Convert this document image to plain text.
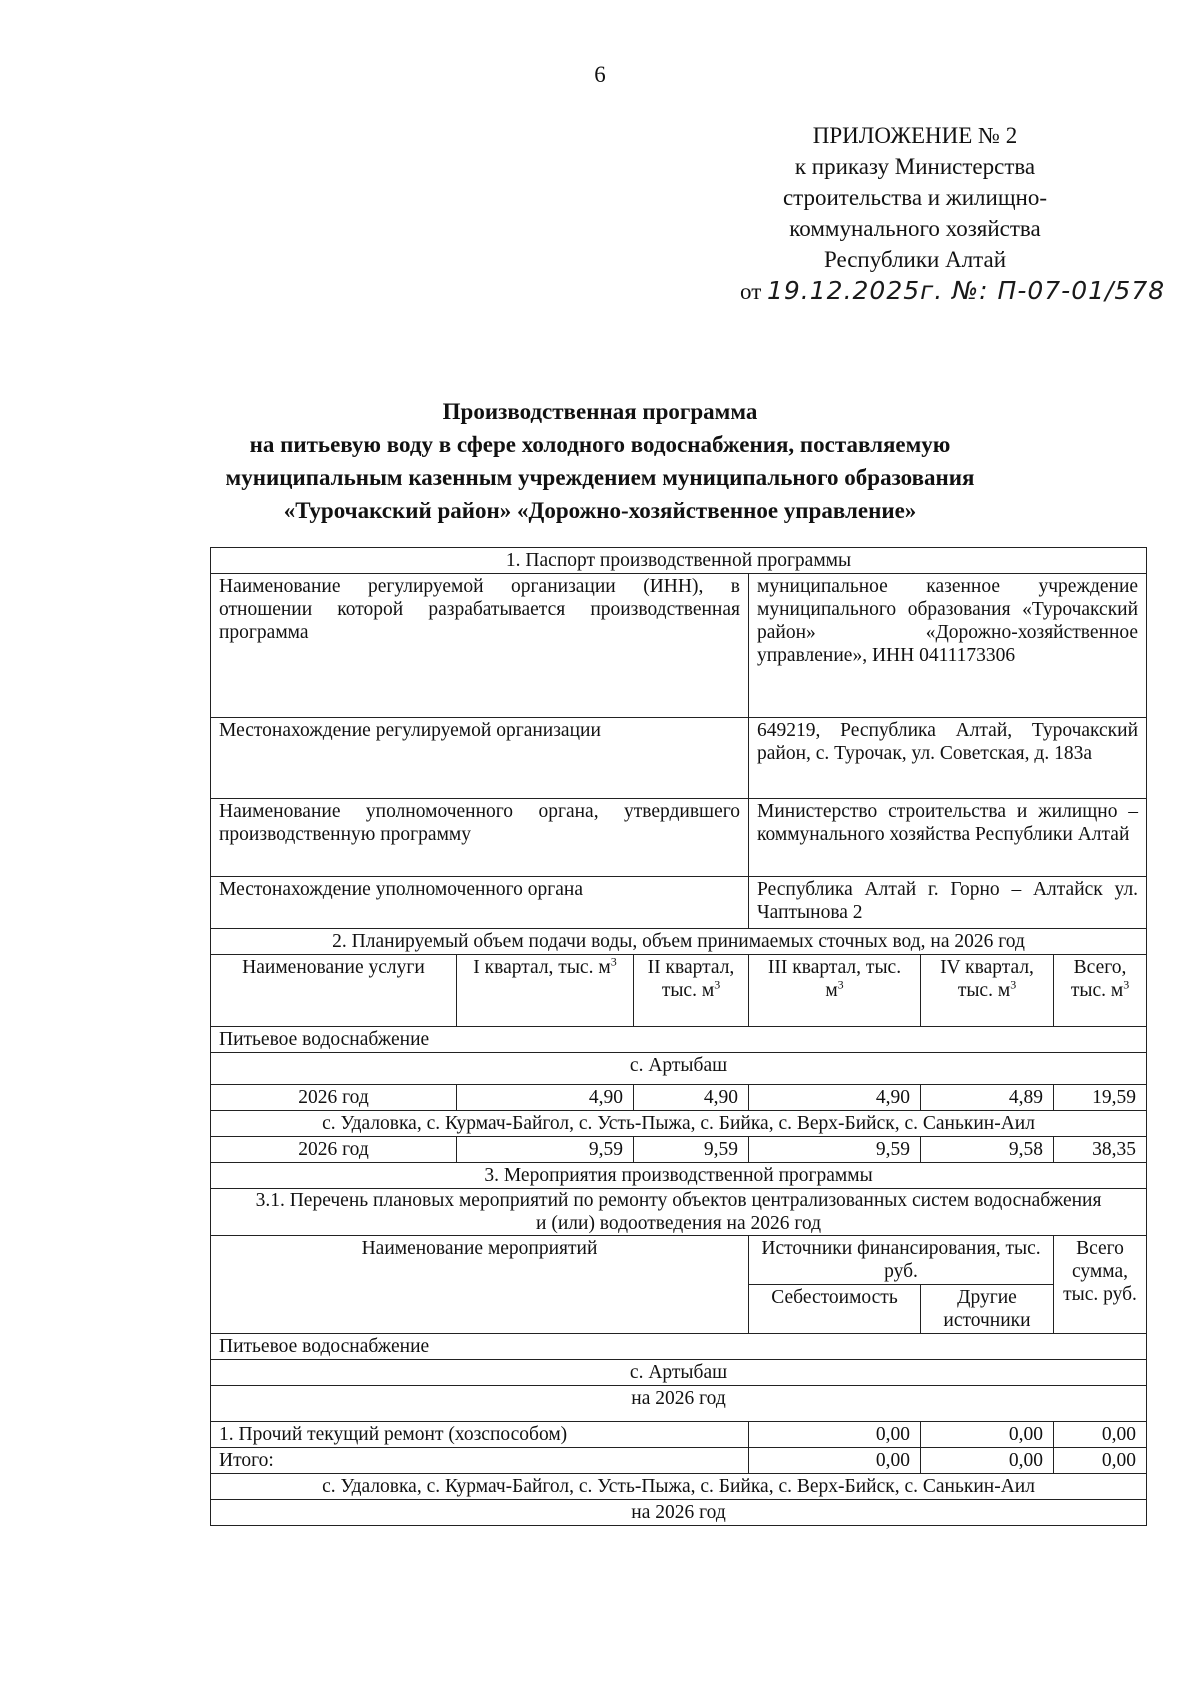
6
ПРИЛОЖЕНИЕ № 2
к приказу Министерства
строительства и жилищно-
коммунального хозяйства
Республики Алтай
от 19.12.2025г. №: П-07-01/578
Производственная программа
на питьевую воду в сфере холодного водоснабжения, поставляемую
муниципальным казенным учреждением муниципального образования
«Турочакский район» «Дорожно-хозяйственное управление»
1. Паспорт производственной программы					
Наименование регулируемой организации (ИНН), в отношении которой разрабатывается производственная программа			муниципальное казенное учреждение муниципального образования «Турочакский район» «Дорожно-хозяйственное управление», ИНН 0411173306		
Местонахождение регулируемой организации			649219, Республика Алтай, Турочакский район, с. Турочак, ул. Советская, д. 183а		
Наименование уполномоченного органа, утвердившего производственную программу			Министерство строительства и жилищно – коммунального хозяйства Республики Алтай		
Местонахождение уполномоченного органа			Республика Алтай г. Горно – Алтайск ул. Чаптынова 2		
2. Планируемый объем подачи воды, объем принимаемых сточных вод, на 2026 год					
Наименование услуги	I квартал, тыс. $м^3$	II квартал, тыс. $м^3$	III квартал, тыс. $м^3$	IV квартал, тыс. $м^3$	Всего, тыс. $м^3$
Питьевое водоснабжение					
с. Артыбаш					
2026 год	4,90	4,90	4,90	4,89	19,59
с. Удаловка, с. Курмач-Байгол, с. Усть-Пыжа, с. Бийка, с. Верх-Бийск, с. Санькин-Аил					
2026 год	9,59	9,59	9,59	9,58	38,35
3. Мероприятия производственной программы					
3.1. Перечень плановых мероприятий по ремонту объектов централизованных систем водоснабжения и (или) водоотведения на 2026 год					
Наименование мероприятий			Источники финансирования, тыс. руб.		Всего сумма, тыс. руб.
			Себестоимость	Другие источники	
Питьевое водоснабжение					
с. Артыбаш					
на 2026 год					
1. Прочий текущий ремонт (хозспособом)			0,00	0,00	0,00
Итого:			0,00	0,00	0,00
с. Удаловка, с. Курмач-Байгол, с. Усть-Пыжа, с. Бийка, с. Верх-Бийск, с. Санькин-Аил					
на 2026 год					
